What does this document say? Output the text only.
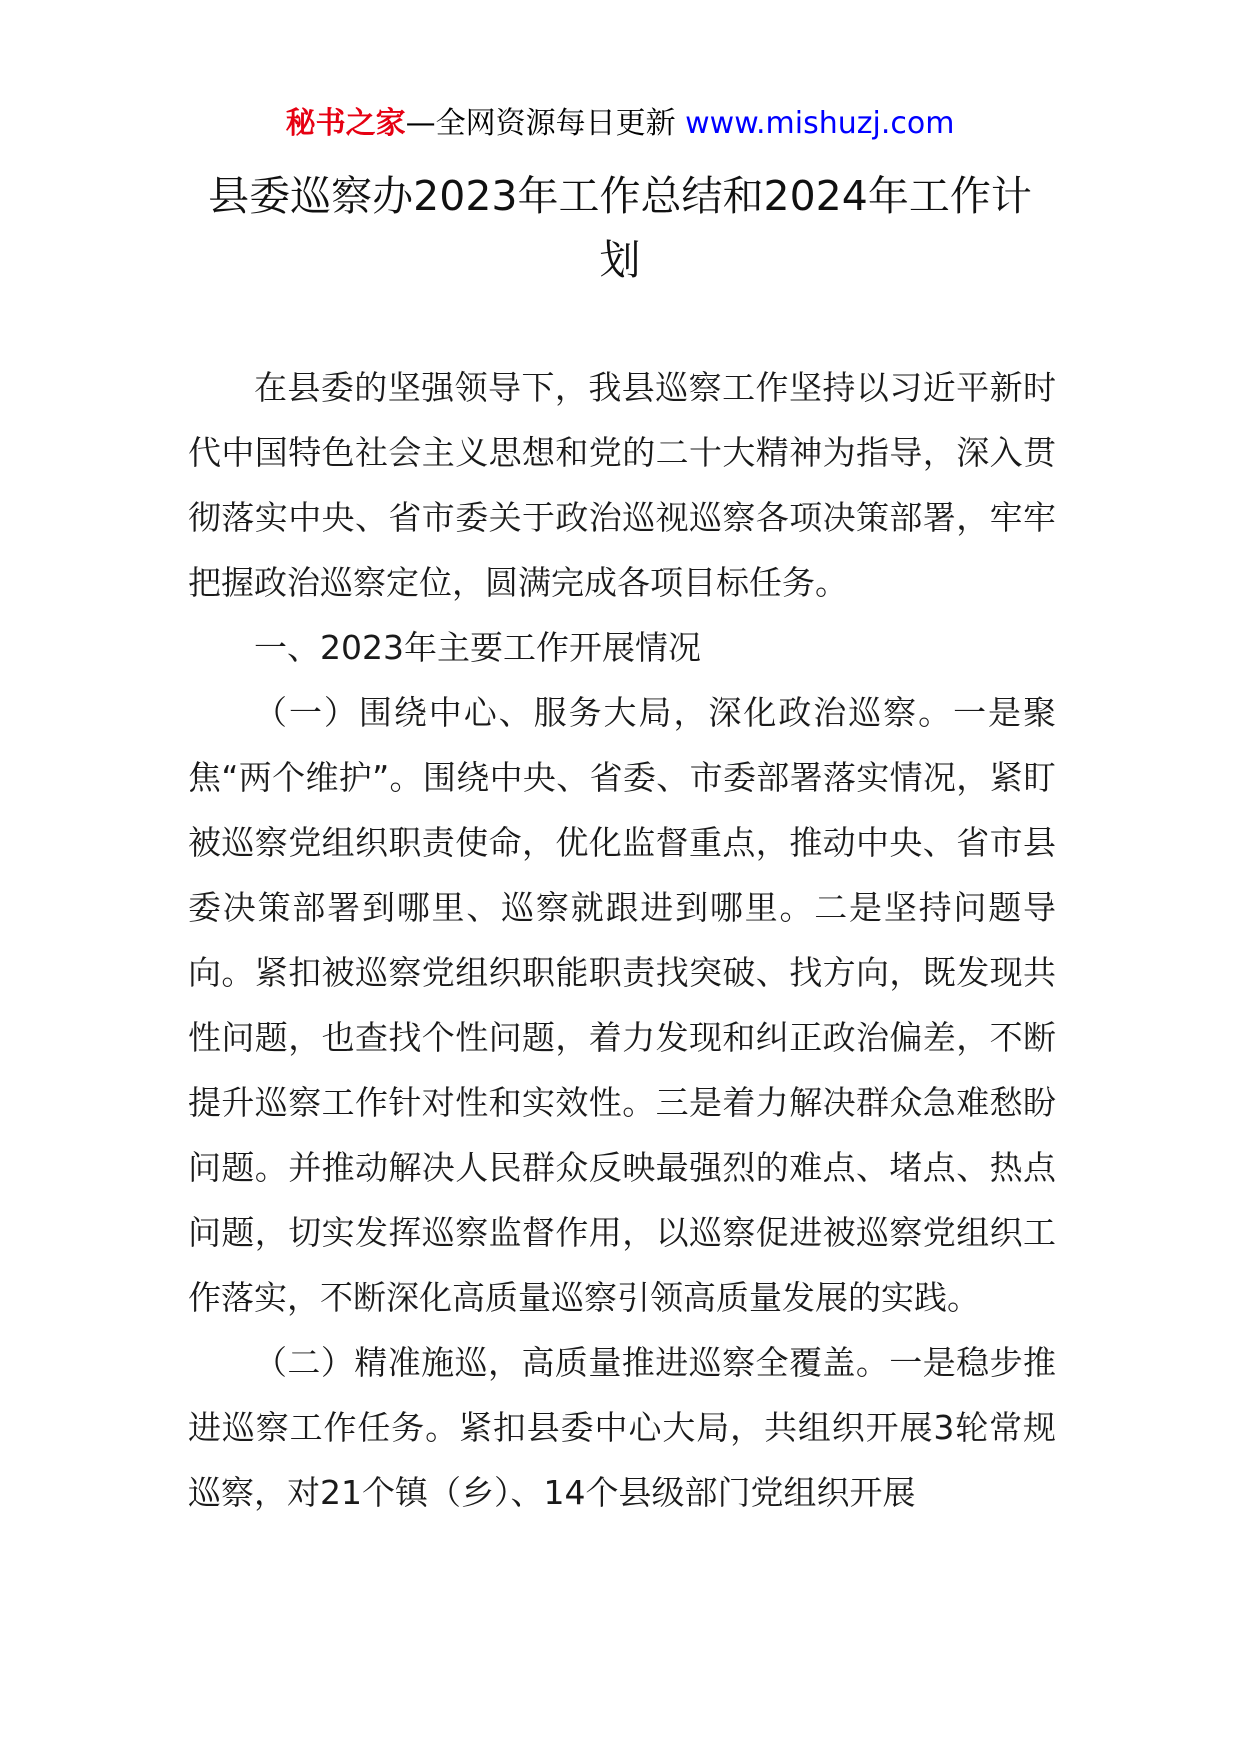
秘书之家—全网资源每日更新 www.mishuzj.com
县委巡察办2023年工作总结和2024年工作计划

在县委的坚强领导下，我县巡察工作坚持以习近平新时代中国特色社会主义思想和党的二十大精神为指导，深入贯彻落实中央、省市委关于政治巡视巡察各项决策部署，牢牢把握政治巡察定位，圆满完成各项目标任务。

一、2023年主要工作开展情况

（一）围绕中心、服务大局，深化政治巡察。一是聚焦“两个维护”。围绕中央、省委、市委部署落实情况，紧盯被巡察党组织职责使命，优化监督重点，推动中央、省市县委决策部署到哪里、巡察就跟进到哪里。二是坚持问题导向。紧扣被巡察党组织职能职责找突破、找方向，既发现共性问题，也查找个性问题，着力发现和纠正政治偏差，不断提升巡察工作针对性和实效性。三是着力解决群众急难愁盼问题。并推动解决人民群众反映最强烈的难点、堵点、热点问题，切实发挥巡察监督作用，以巡察促进被巡察党组织工作落实，不断深化高质量巡察引领高质量发展的实践。

（二）精准施巡，高质量推进巡察全覆盖。一是稳步推进巡察工作任务。紧扣县委中心大局，共组织开展3轮常规巡察，对21个镇（乡）、14个县级部门党组织开展
